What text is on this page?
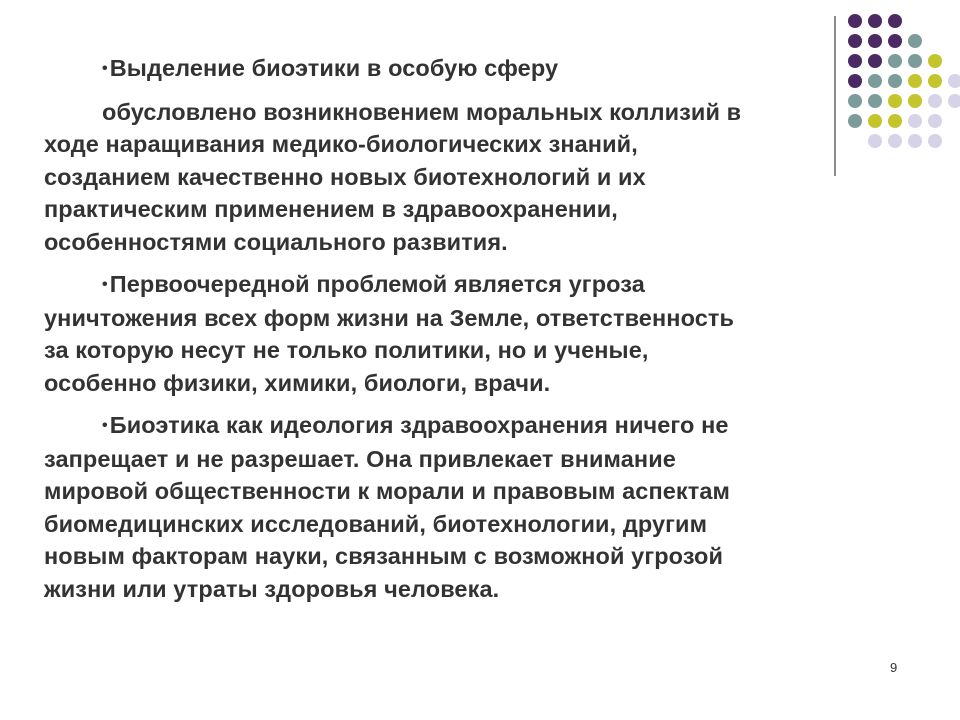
•Выделение биоэтики в особую сферу

обусловлено возникновением моральных коллизий в
ходе наращивания медико-биологических знаний,
созданием качественно новых биотехнологий и их
практическим применением в здравоохранении,
особенностями социального развития.

•Первоочередной проблемой является угроза
уничтожения всех форм жизни на Земле, ответственность
за которую несут не только политики, но и ученые,
особенно физики, химики, биологи, врачи.

•Биоэтика как идеология здравоохранения ничего не
запрещает и не разрешает. Она привлекает внимание
мировой общественности к морали и правовым аспектам
биомедицинских исследований, биотехнологии, другим
новым факторам науки, связанным с возможной угрозой
жизни или утраты здоровья человека.

9
